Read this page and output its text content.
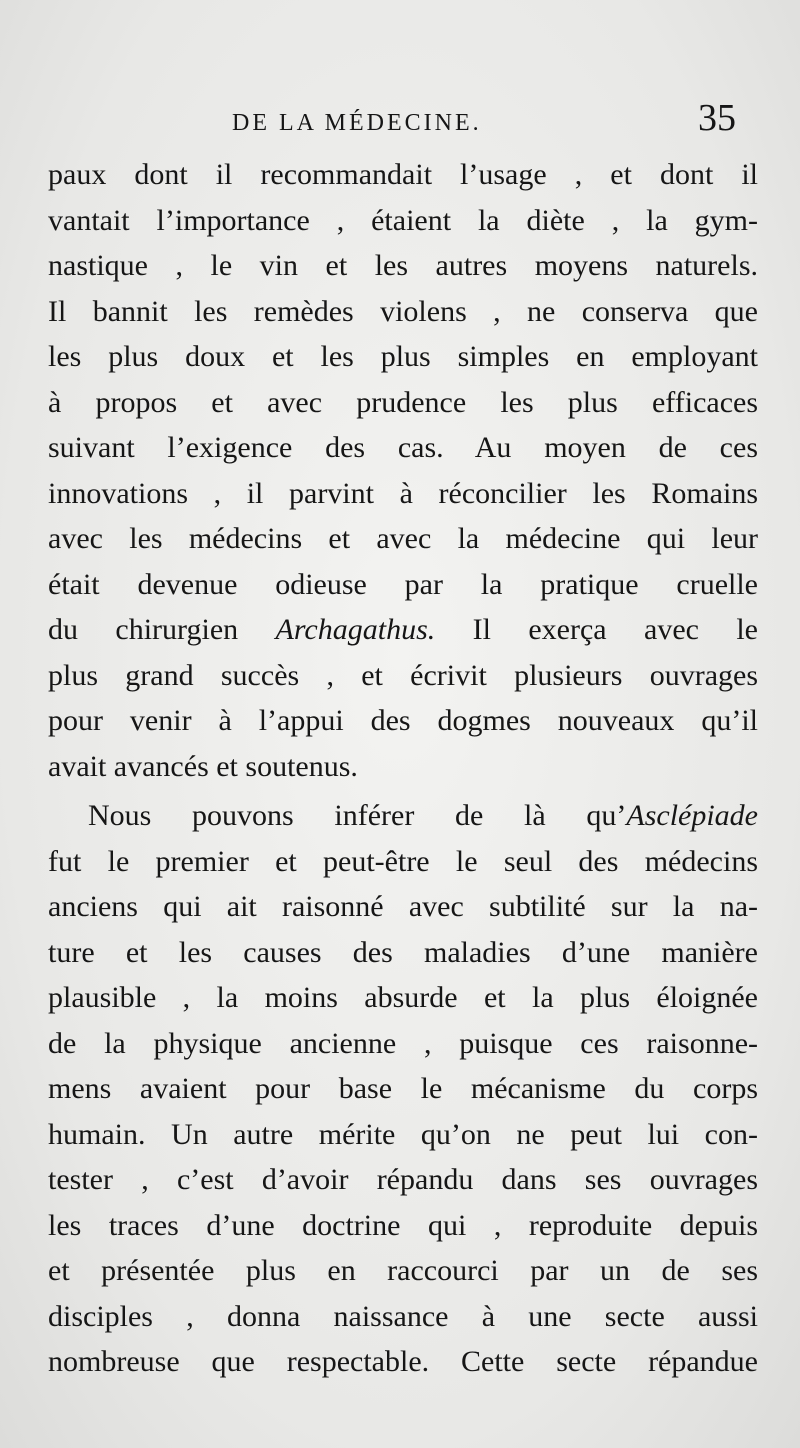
DE LA MÉDECINE.	35
paux dont il recommandait l’usage , et dont il
vantait l’importance , étaient la diète , la gym-
nastique , le vin et les autres moyens naturels.
Il bannit les remèdes violens , ne conserva que
les plus doux et les plus simples en employant
à propos et avec prudence les plus efficaces
suivant l’exigence des cas. Au moyen de ces
innovations , il parvint à réconcilier les Romains
avec les médecins et avec la médecine qui leur
était devenue odieuse par la pratique cruelle
du chirurgien Archagathus. Il exerça avec le
plus grand succès , et écrivit plusieurs ouvrages
pour venir à l’appui des dogmes nouveaux qu’il
avait avancés et soutenus.
Nous pouvons inférer de là qu’Asclépiade
fut le premier et peut-être le seul des médecins
anciens qui ait raisonné avec subtilité sur la na-
ture et les causes des maladies d’une manière
plausible , la moins absurde et la plus éloignée
de la physique ancienne , puisque ces raisonne-
mens avaient pour base le mécanisme du corps
humain. Un autre mérite qu’on ne peut lui con-
tester , c’est d’avoir répandu dans ses ouvrages
les traces d’une doctrine qui , reproduite depuis
et présentée plus en raccourci par un de ses
disciples , donna naissance à une secte aussi
nombreuse que respectable. Cette secte répandue
